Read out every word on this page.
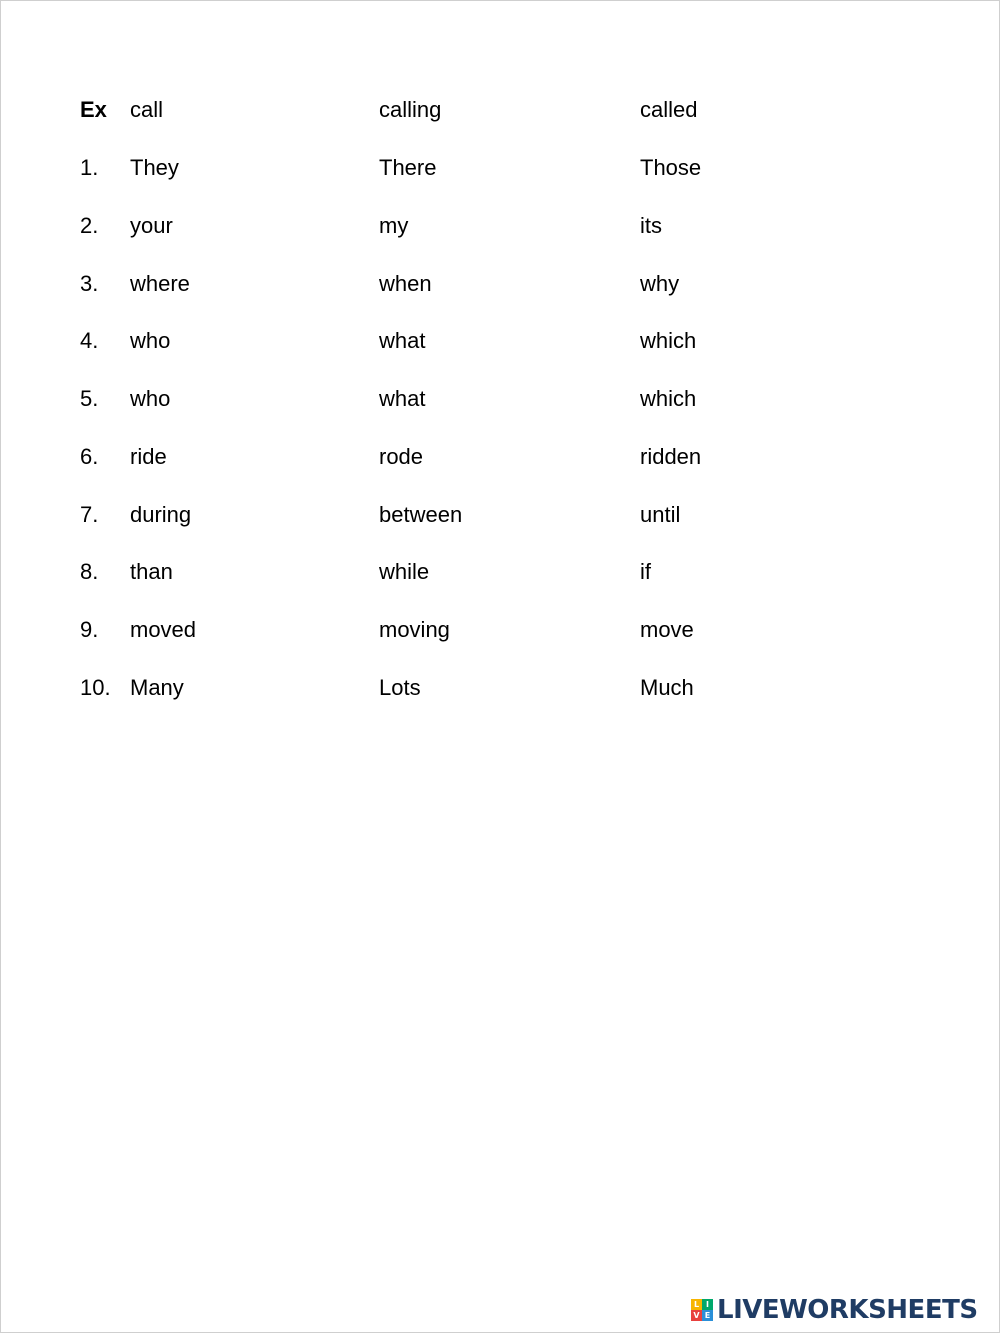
Ex call	calling	called
1. They	There	Those
2. your	my	its
3. where	when	why
4. who	what	which
5. who	what	which
6. ride	rode	ridden
7. during	between	until
8. than	while	if
9. moved	moving	move
10. Many	Lots	Much
L I
V E LIVEWORKSHEETS
